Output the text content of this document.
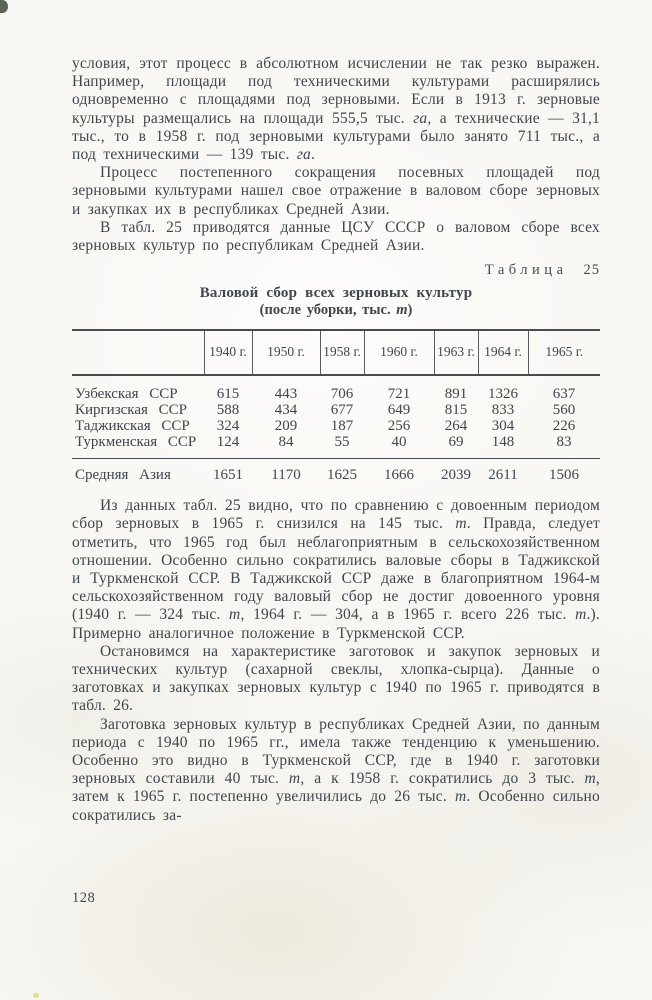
условия, этот процесс в абсолютном исчислении не так резко выражен. Например, площади под техническими культурами расширялись одновременно с площадями под зерновыми. Если в 1913 г. зерновые культуры размещались на площади 555,5 тыс. га, а технические — 31,1 тыс., то в 1958 г. под зерновыми культурами было занято 711 тыс., а под техническими — 139 тыс. га.

Процесс постепенного сокращения посевных площадей под зерновыми культурами нашел свое отражение в валовом сборе зерновых и закупках их в республиках Средней Азии.

В табл. 25 приводятся данные ЦСУ СССР о валовом сборе всех зерновых культур по республикам Средней Азии.

Таблица 25
Валовой сбор всех зерновых культур
(после уборки, тыс. т)
	1940 г.	1950 г.	1958 г.	1960 г.	1963 г.	1964 г.	1965 г.
Узбекская ССР	615	443	706	721	891	1326	637
Киргизская ССР	588	434	677	649	815	833	560
Таджикская ССР	324	209	187	256	264	304	226
Туркменская ССР	124	84	55	40	69	148	83
Средняя Азия	1651	1170	1625	1666	2039	2611	1506

Из данных табл. 25 видно, что по сравнению с довоенным периодом сбор зерновых в 1965 г. снизился на 145 тыс. т. Правда, следует отметить, что 1965 год был неблагоприятным в сельскохозяйственном отношении. Особенно сильно сократились валовые сборы в Таджикской и Туркменской ССР. В Таджикской ССР даже в благоприятном 1964-м сельскохозяйственном году валовый сбор не достиг довоенного уровня (1940 г. — 324 тыс. т, 1964 г. — 304, а в 1965 г. всего 226 тыс. т.). Примерно аналогичное положение в Туркменской ССР.

Остановимся на характеристике заготовок и закупок зерновых и технических культур (сахарной свеклы, хлопка-сырца). Данные о заготовках и закупках зерновых культур с 1940 по 1965 г. приводятся в табл. 26.

Заготовка зерновых культур в республиках Средней Азии, по данным периода с 1940 по 1965 гг., имела также тенденцию к уменьшению. Особенно это видно в Туркменской ССР, где в 1940 г. заготовки зерновых составили 40 тыс. т, а к 1958 г. сократились до 3 тыс. т, затем к 1965 г. постепенно увеличились до 26 тыс. т. Особенно сильно сократились за-

128
